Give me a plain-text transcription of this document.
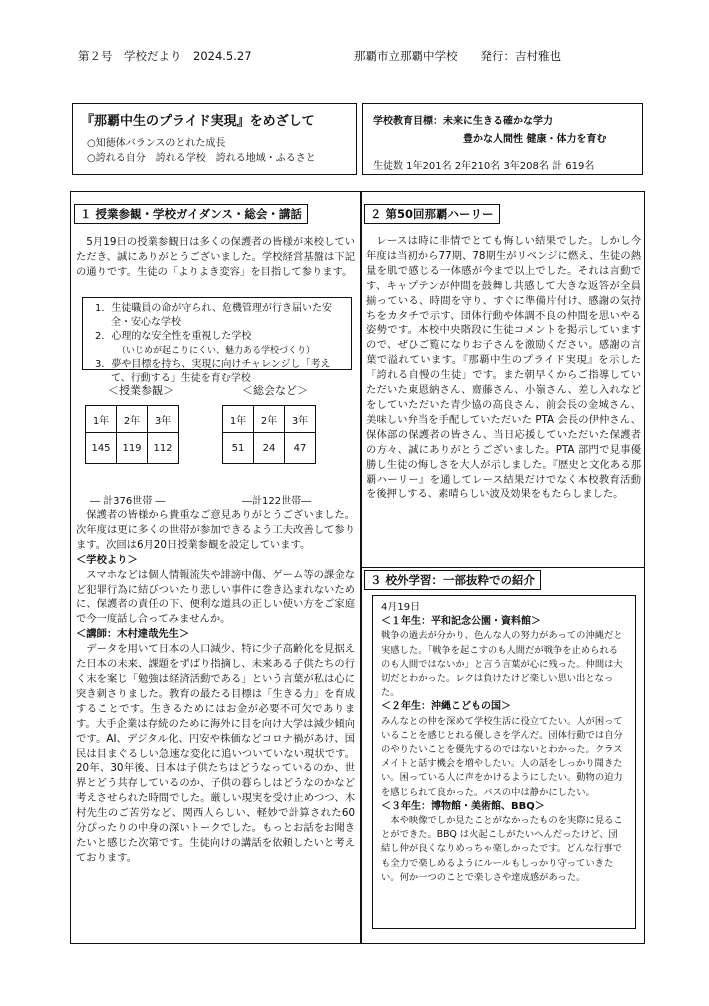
第２号　学校だより　2024.5.27	那覇市立那覇中学校　　発行：吉村雅也
『那覇中生のプライド実現』をめざして
○知徳体バランスのとれた成長
○誇れる自分　誇れる学校　誇れる地域・ふるさと
学校教育目標：未来に生きる確かな学力
豊かな人間性 健康・体力を育む
生徒数 1年201名 2年210名 3年208名 計 619名
１ 授業参観・学校ガイダンス・総会・講話

5月19日の授業参観日は多くの保護者の皆様が来校していただき、誠にありがとうございました。学校経営基盤は下記の通りです。生徒の「よりよき変容」を目指して参ります。

1．生徒職員の命が守られ、危機管理が行き届いた安全・安心な学校
2．心理的な安全性を重視した学校
（いじめが起こりにくい、魅力ある学校づくり）
3．夢や目標を持ち、実現に向けチャレンジし「考えて、行動する」生徒を育む学校
＜授業参観＞	＜総会など＞
1年	2年	3年
145	119	112
1年	2年	3年
51	24	47
― 計376世帯 ―	―計122世帯―

保護者の皆様から貴重なご意見ありがとうございました。次年度は更に多くの世帯が参加できるよう工夫改善して参ります。次回は6月20日授業参観を設定しています。

＜学校より＞

スマホなどは個人情報流失や誹謗中傷、ゲーム等の課金など犯罪行為に結びついたり悲しい事件に巻き込まれないために、保護者の責任の下、便利な道具の正しい使い方をご家庭で今一度話し合ってみませんか。

＜講師：木村達哉先生＞

データを用いて日本の人口減少、特に少子高齢化を見据えた日本の未来、課題をずばり指摘し、未来ある子供たちの行く末を案じ「勉強は経済活動である」という言葉が私は心に突き刺さりました。教育の最たる目標は「生きる力」を育成することです。生きるためにはお金が必要不可欠であります。大手企業は存続のために海外に目を向け大学は減少傾向です。AI、デジタル化、円安や株価などコロナ禍があけ、国民は目まぐるしい急速な変化に追いついていない現状です。20年、30年後、日本は子供たちはどうなっているのか、世界とどう共存しているのか、子供の暮らしはどうなのかなど考えさせられた時間でした。厳しい現実を受け止めつつ、木村先生のご苦労など、関西人らしい、軽妙で計算された60分ぴったりの中身の深いトークでした。もっとお話をお聞きたいと感じた次第です。生徒向けの講話を依頼したいと考えております。

２ 第50回那覇ハーリー

レースは時に非情でとても悔しい結果でした。しかし今年度は当初から77期、78期生がリベンジに燃え、生徒の熱量を肌で感じる一体感が今まで以上でした。それは言動です、キャプテンが仲間を鼓舞し共感して大きな返答が全員揃っている、時間を守り、すぐに準備片付け、感謝の気持ちをカタチで示す、団体行動や体調不良の仲間を思いやる姿勢です。本校中央階段に生徒コメントを掲示していますので、ぜひご覧になりお子さんを激励ください。感謝の言葉で溢れています。『那覇中生のプライド実現』を示した「誇れる自慢の生徒」です。また朝早くからご指導していただいた東恩納さん、齋藤さん、小嶺さん、差し入れなどをしていただいた青少協の高良さん、前会長の金城さん、美味しい弁当を手配していただいた PTA 会長の伊仲さん、保体部の保護者の皆さん、当日応援していただいた保護者の方々、誠にありがとうございました。PTA 部門で見事優勝し生徒の悔しさを大人が示しました。『歴史と文化ある那覇ハーリー』を通してレース結果だけでなく本校教育活動を後押しする、素晴らしい波及効果をもたらしました。

３ 校外学習：一部抜粋での紹介
4月19日
＜１年生：平和記念公園・資料館＞
戦争の過去が分かり、色んな人の努力があっての沖縄だと実感した。「戦争を起こすのも人間だが戦争を止められるのも人間ではないか」と言う言葉が心に残った。仲間は大切だとわかった。レクは負けたけど楽しい思い出となった。
＜２年生：沖縄こどもの国＞
みんなとの仲を深めて学校生活に役立てたい。人が困っていることを感じとれる優しさを学んだ。団体行動では自分のやりたいことを優先するのではないとわかった。クラスメイトと話す機会を増やしたい。人の話をしっかり聞きたい。困っている人に声をかけるようにしたい。動物の迫力を感じられて良かった。バスの中は静かにしたい。
＜３年生：博物館・美術館、BBQ＞
本や映像でしか見たことがなかったものを実際に見ることができた。BBQ は火起こしがたいへんだったけど、団結し仲が良くなりめっちゃ楽しかったです。どんな行事でも全力で楽しめるようにルールもしっかり守っていきたい。何か一つのことで楽しさや達成感があった。
